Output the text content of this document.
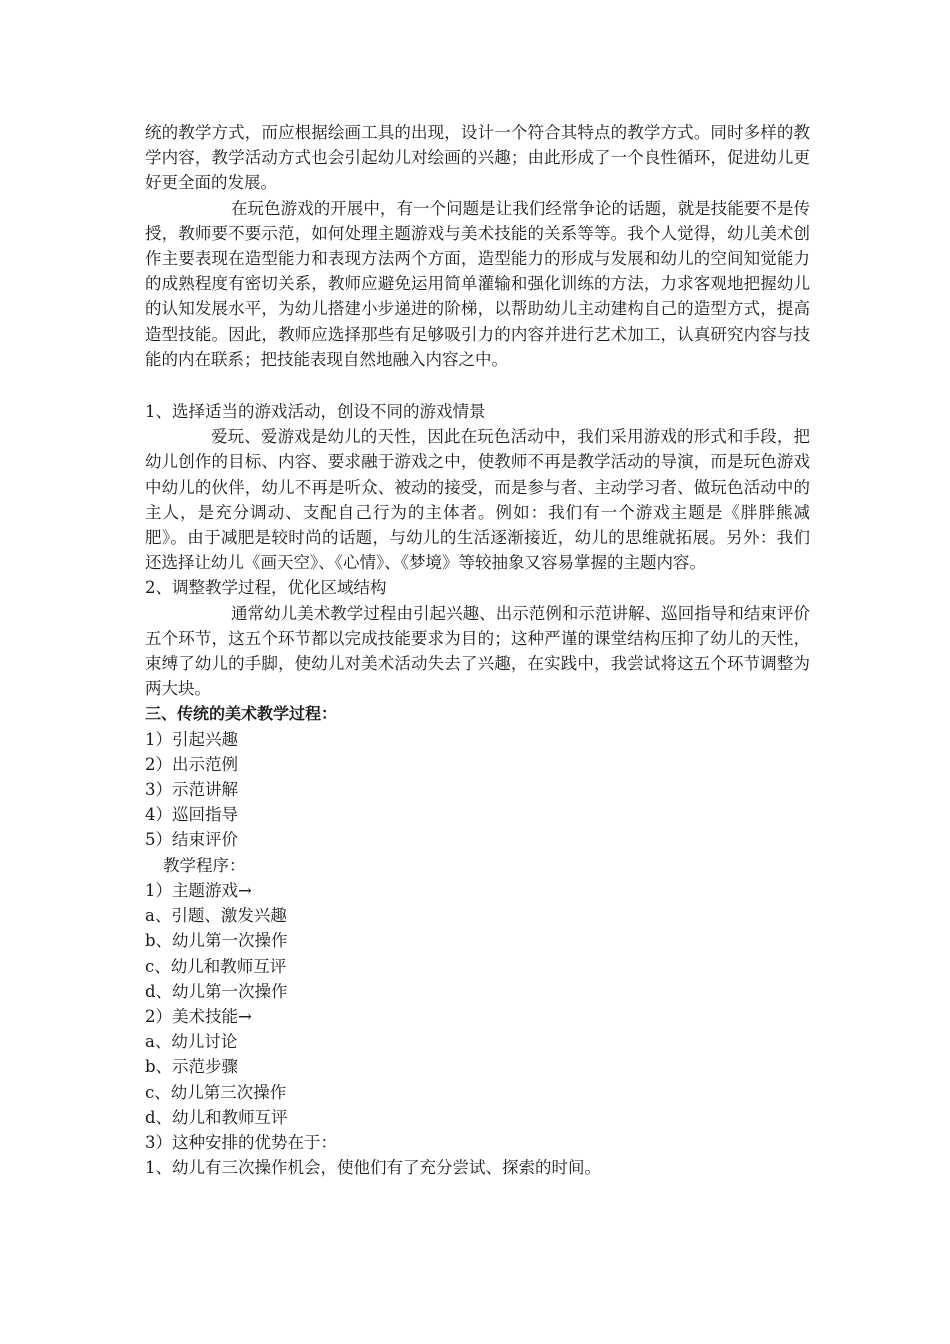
统的教学方式，而应根据绘画工具的出现，设计一个符合其特点的教学方式。同时多样的教学内容，教学活动方式也会引起幼儿对绘画的兴趣；由此形成了一个良性循环，促进幼儿更好更全面的发展。

在玩色游戏的开展中，有一个问题是让我们经常争论的话题，就是技能要不是传授，教师要不要示范，如何处理主题游戏与美术技能的关系等等。我个人觉得，幼儿美术创作主要表现在造型能力和表现方法两个方面，造型能力的形成与发展和幼儿的空间知觉能力的成熟程度有密切关系，教师应避免运用简单灌输和强化训练的方法，力求客观地把握幼儿的认知发展水平，为幼儿搭建小步递进的阶梯，以帮助幼儿主动建构自己的造型方式，提高造型技能。因此，教师应选择那些有足够吸引力的内容并进行艺术加工，认真研究内容与技能的内在联系；把技能表现自然地融入内容之中。

1、选择适当的游戏活动，创设不同的游戏情景

爱玩、爱游戏是幼儿的天性，因此在玩色活动中，我们采用游戏的形式和手段，把幼儿创作的目标、内容、要求融于游戏之中，使教师不再是教学活动的导演，而是玩色游戏中幼儿的伙伴，幼儿不再是听众、被动的接受，而是参与者、主动学习者、做玩色活动中的主人，是充分调动、支配自己行为的主体者。例如：我们有一个游戏主题是《胖胖熊减肥》。由于减肥是较时尚的话题，与幼儿的生活逐渐接近，幼儿的思维就拓展。另外：我们还选择让幼儿《画天空》、《心情》、《梦境》等较抽象又容易掌握的主题内容。

2、调整教学过程，优化区域结构

通常幼儿美术教学过程由引起兴趣、出示范例和示范讲解、巡回指导和结束评价五个环节，这五个环节都以完成技能要求为目的；这种严谨的课堂结构压抑了幼儿的天性，束缚了幼儿的手脚，使幼儿对美术活动失去了兴趣，在实践中，我尝试将这五个环节调整为两大块。

三、传统的美术教学过程：

1）引起兴趣

2）出示范例

3）示范讲解

4）巡回指导

5）结束评价

教学程序：

1）主题游戏→

a、引题、激发兴趣

b、幼儿第一次操作

c、幼儿和教师互评

d、幼儿第一次操作

2）美术技能→

a、幼儿讨论

b、示范步骤

c、幼儿第三次操作

d、幼儿和教师互评

3）这种安排的优势在于：

1、幼儿有三次操作机会，使他们有了充分尝试、探索的时间。
